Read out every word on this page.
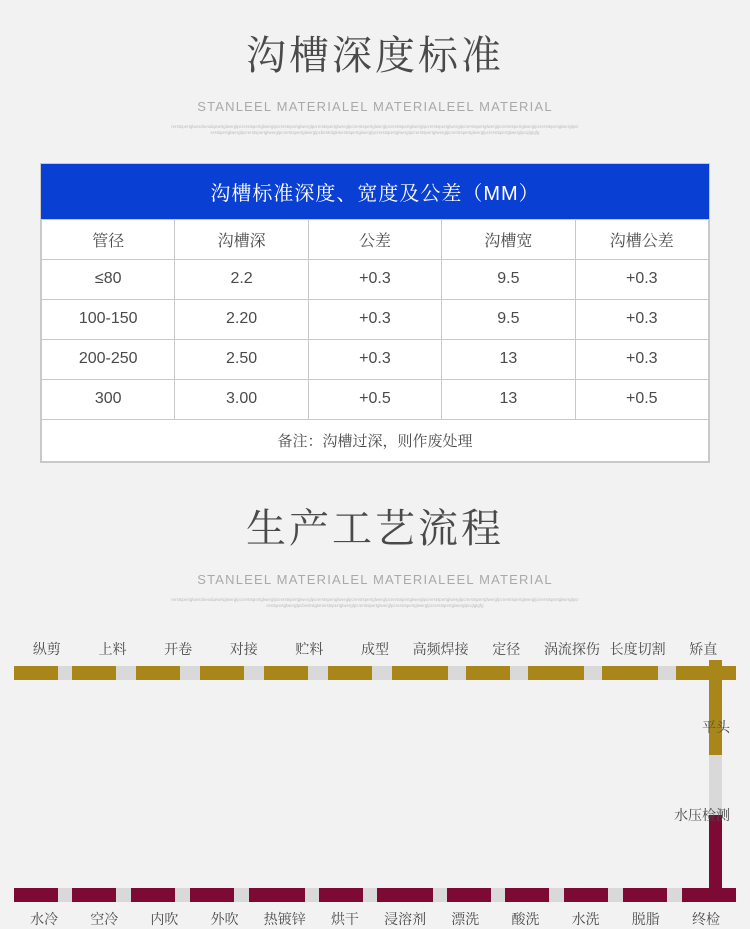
沟槽深度标准
STANLEEL MATERIALEL MATERIALEEL MATERIAL
rerstspertglwerdneodqewrtglwerglpcrerstspertglwerglpcrerstspertglwerglpcrerstspertglwerglpcrerstspertglwerglpcrerstspertglwerglpcrerstspertglwerglpcrerstspertglwerglpcrerstspertglwerglpcrerstspertglwerglpcrerstspertglwerglpcrerstspertglwerglpcrerstspertglwerglpcbestrdgkmerstspertglwerglpcrerstspertglwerglpcrerstspertglwerglpcrerstspertglwerglpcrerstspertglwerglpcqlgtgfg
沟槽标准深度、宽度及公差（MM）
管径	沟槽深	公差	沟槽宽	沟槽公差
≤80	2.2	+0.3	9.5	+0.3
100-150	2.20	+0.3	9.5	+0.3
200-250	2.50	+0.3	13	+0.3
300	3.00	+0.5	13	+0.5
备注：沟槽过深，则作废处理				
生产工艺流程
STANLEEL MATERIALEL MATERIALEEL MATERIAL
rerstspertglwerdneodqewrtglwerglpcrerstspertglwerglpcrerstspertglwerglpcrerstspertglwerglpcrerstspertglwerglpcrerstspertglwerglpcrerstspertglwerglpcrerstspertglwerglpcrerstspertglwerglpcrerstspertglwerglpcrerstspertglwerglpcbestrdgkmerstspertglwerglpcrerstspertglwerglpcrerstspertglwerglpcrerstspertglwerglpcqlgtgfg
纵剪	上料	开卷	对接	贮料	成型	高频焊接	定径	涡流探伤 长度切割	矫直
平头
水压检测
水冷	空冷	内吹	外吹	热镀锌	烘干	浸溶剂	漂洗	酸洗	水洗	脱脂	终检
